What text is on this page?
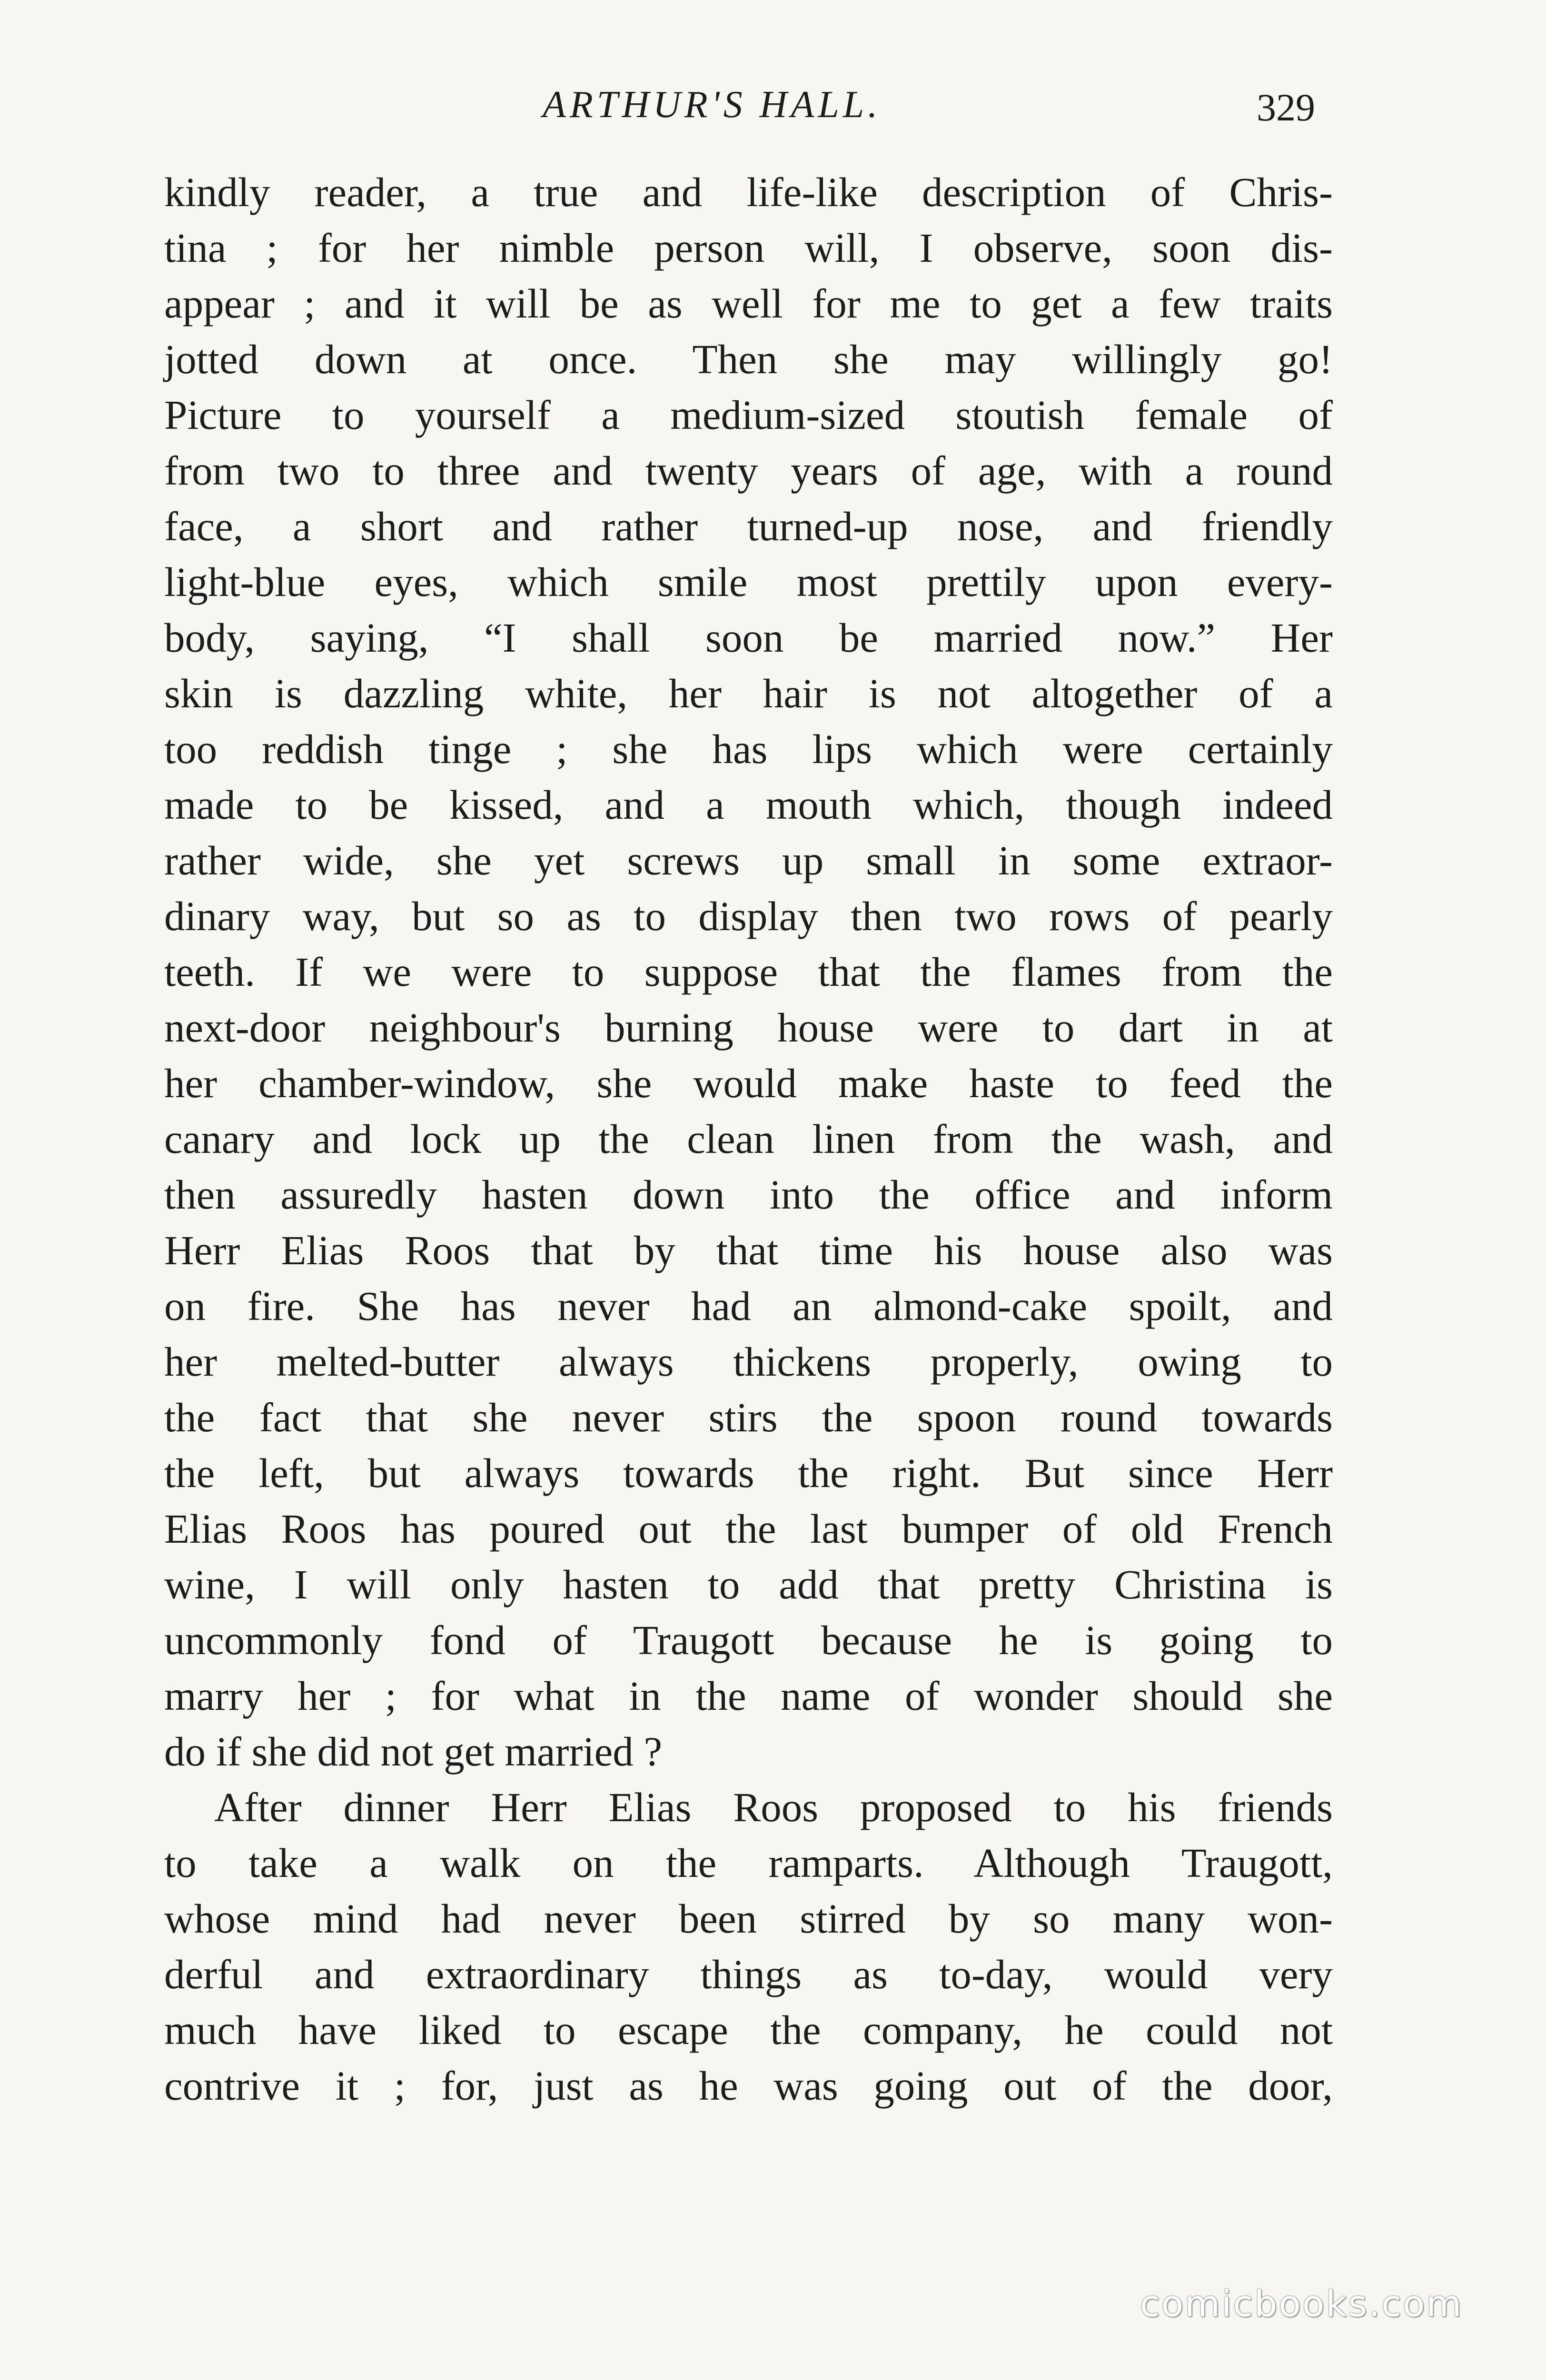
ARTHUR'S HALL.	329
kindly reader, a true and life-like description of Chris-
tina ; for her nimble person will, I observe, soon dis-
appear ; and it will be as well for me to get a few traits
jotted down at once. Then she may willingly go!
Picture to yourself a medium-sized stoutish female of
from two to three and twenty years of age, with a round
face, a short and rather turned-up nose, and friendly
light-blue eyes, which smile most prettily upon every-
body, saying, “I shall soon be married now.” Her
skin is dazzling white, her hair is not altogether of a
too reddish tinge ; she has lips which were certainly
made to be kissed, and a mouth which, though indeed
rather wide, she yet screws up small in some extraor-
dinary way, but so as to display then two rows of pearly
teeth. If we were to suppose that the flames from the
next-door neighbour's burning house were to dart in at
her chamber-window, she would make haste to feed the
canary and lock up the clean linen from the wash, and
then assuredly hasten down into the office and inform
Herr Elias Roos that by that time his house also was
on fire. She has never had an almond-cake spoilt, and
her melted-butter always thickens properly, owing to
the fact that she never stirs the spoon round towards
the left, but always towards the right. But since Herr
Elias Roos has poured out the last bumper of old French
wine, I will only hasten to add that pretty Christina is
uncommonly fond of Traugott because he is going to
marry her ; for what in the name of wonder should she
do if she did not get married ?
After dinner Herr Elias Roos proposed to his friends
to take a walk on the ramparts. Although Traugott,
whose mind had never been stirred by so many won-
derful and extraordinary things as to-day, would very
much have liked to escape the company, he could not
contrive it ; for, just as he was going out of the door,
comicbooks.com
